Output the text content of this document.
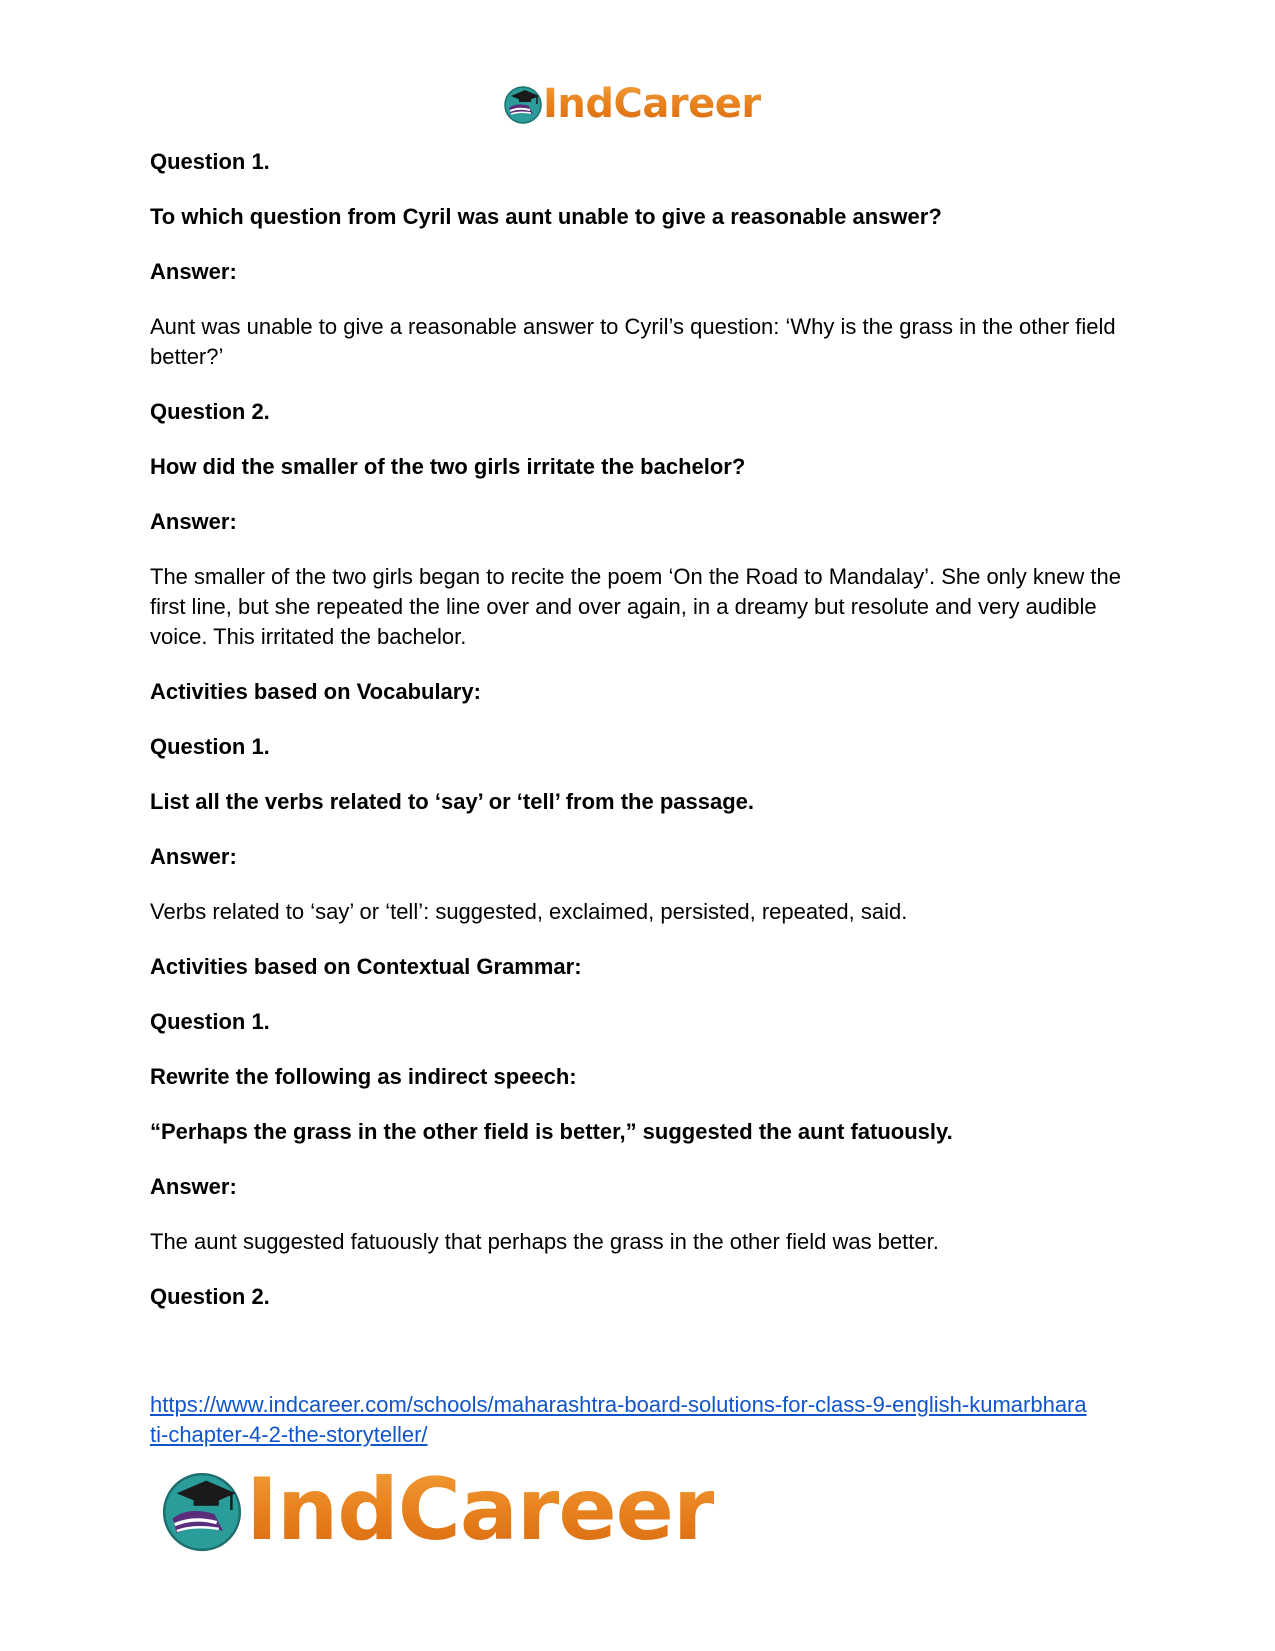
IndCareer

Question 1.

To which question from Cyril was aunt unable to give a reasonable answer?

Answer:

Aunt was unable to give a reasonable answer to Cyril’s question: ‘Why is the grass in the other field better?’

Question 2.

How did the smaller of the two girls irritate the bachelor?

Answer:

The smaller of the two girls began to recite the poem ‘On the Road to Mandalay’. She only knew the first line, but she repeated the line over and over again, in a dreamy but resolute and very audible voice. This irritated the bachelor.

Activities based on Vocabulary:

Question 1.

List all the verbs related to ‘say’ or ‘tell’ from the passage.

Answer:

Verbs related to ‘say’ or ‘tell’: suggested, exclaimed, persisted, repeated, said.

Activities based on Contextual Grammar:

Question 1.

Rewrite the following as indirect speech:

“Perhaps the grass in the other field is better,” suggested the aunt fatuously.

Answer:

The aunt suggested fatuously that perhaps the grass in the other field was better.

Question 2.

https://www.indcareer.com/schools/maharashtra-board-solutions-for-class-9-english-kumarbhara
ti-chapter-4-2-the-storyteller/
IndCareer
